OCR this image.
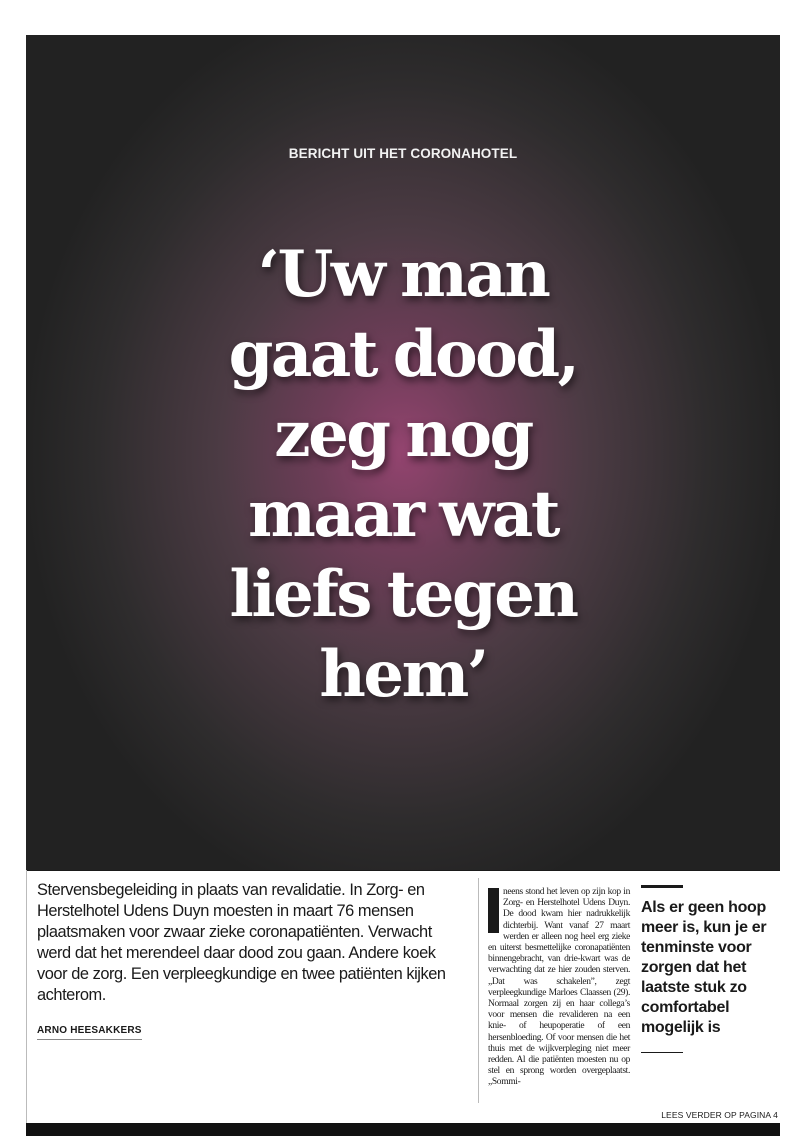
BERICHT UIT HET CORONAHOTEL
‘Uw man
gaat dood,
zeg nog
maar wat
liefs tegen
hem’

Stervensbegeleiding in plaats van revalidatie. In Zorg- en Herstelhotel Udens Duyn moesten in maart 76 mensen plaatsmaken voor zwaar zieke coronapatiënten. Verwacht werd dat het merendeel daar dood zou gaan. Andere koek voor de zorg. Een verpleegkundige en twee patiënten kijken achterom.

ARNO HEESAKKERS
neens stond het leven op zijn kop in Zorg- en Herstelhotel Udens Duyn. De dood kwam hier nadrukkelijk dichterbij. Want vanaf 27 maart werden er alleen nog heel erg zieke en uiterst besmettelijke coronapatiënten binnengebracht, van drie-kwart was de verwachting dat ze hier zouden sterven. „Dat was schakelen”, zegt verpleegkundige Marloes Claassen (29). Normaal zorgen zij en haar collega’s voor mensen die revalideren na een knie- of heupoperatie of een hersenbloeding. Of voor mensen die het thuis met de wijkverpleging niet meer redden. Al die patiënten moesten nu op stel en sprong worden overgeplaatst. „Sommi-

Als er geen hoop meer is, kun je er tenminste voor zorgen dat het laatste stuk zo comfortabel mogelijk is

LEES VERDER OP PAGINA 4
